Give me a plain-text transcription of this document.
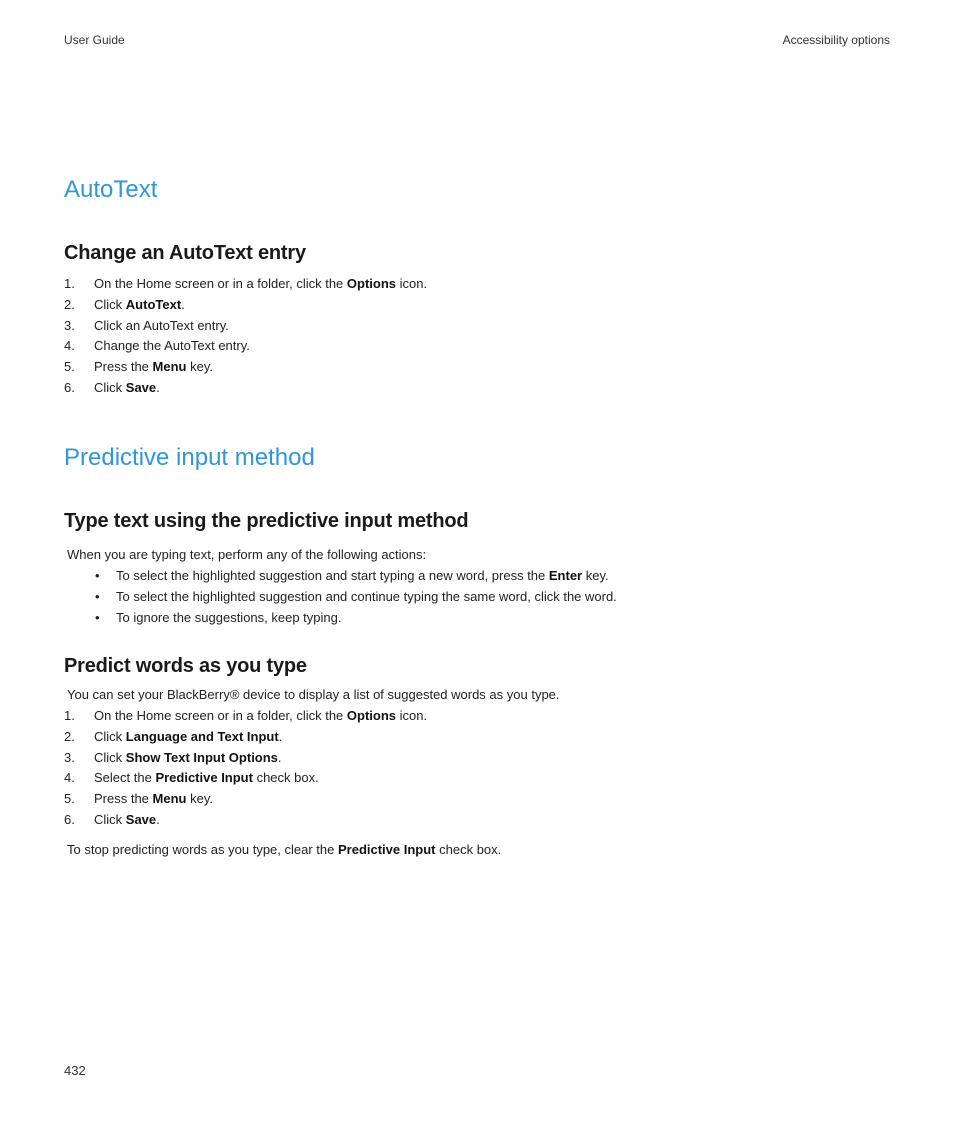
User Guide	Accessibility options
AutoText
Change an AutoText entry
1. On the Home screen or in a folder, click the Options icon.
2. Click AutoText.
3. Click an AutoText entry.
4. Change the AutoText entry.
5. Press the Menu key.
6. Click Save.
Predictive input method
Type text using the predictive input method

When you are typing text, perform any of the following actions:

• To select the highlighted suggestion and start typing a new word, press the Enter key.
• To select the highlighted suggestion and continue typing the same word, click the word.
• To ignore the suggestions, keep typing.
Predict words as you type

You can set your BlackBerry® device to display a list of suggested words as you type.

1. On the Home screen or in a folder, click the Options icon.
2. Click Language and Text Input.
3. Click Show Text Input Options.
4. Select the Predictive Input check box.
5. Press the Menu key.
6. Click Save.

To stop predicting words as you type, clear the Predictive Input check box.

432
